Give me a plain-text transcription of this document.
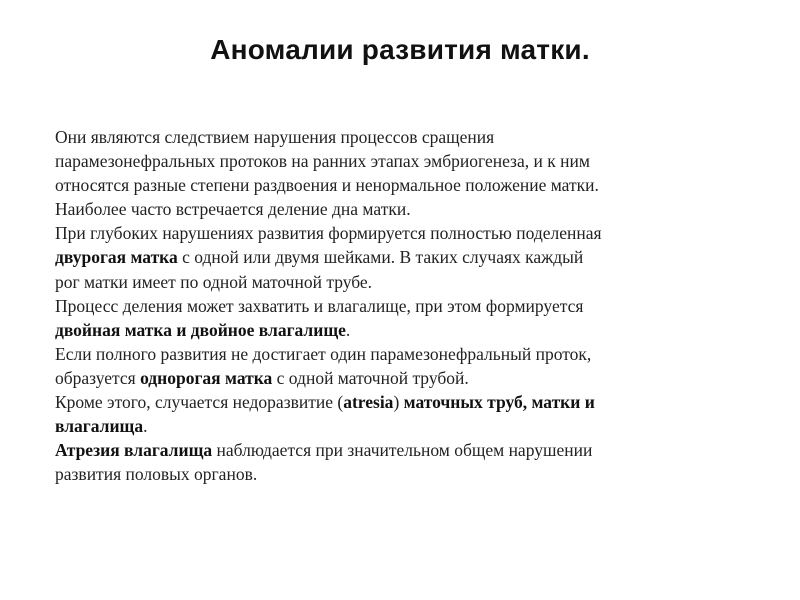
Аномалии развития матки.
Они являются следствием нарушения процессов сращения
парамезонефральных протоков на ранних этапах эмбриогенеза, и к ним
относятся разные степени раздвоения и ненормальное положение матки.
Наиболее часто встречается деление дна матки.
При глубоких нарушениях развития формируется полностью поделенная
двурогая матка с одной или двумя шейками. В таких случаях каждый
рог матки имеет по одной маточной трубе.
Процесс деления может захватить и влагалище, при этом формируется
двойная матка и двойное влагалище.
Если полного развития не достигает один парамезонефральный проток,
образуется однорогая матка с одной маточной трубой.
Кроме этого, случается недоразвитие (atresia) маточных труб, матки и
влагалища.
Атрезия влагалища наблюдается при значительном общем нарушении
развития половых органов.
